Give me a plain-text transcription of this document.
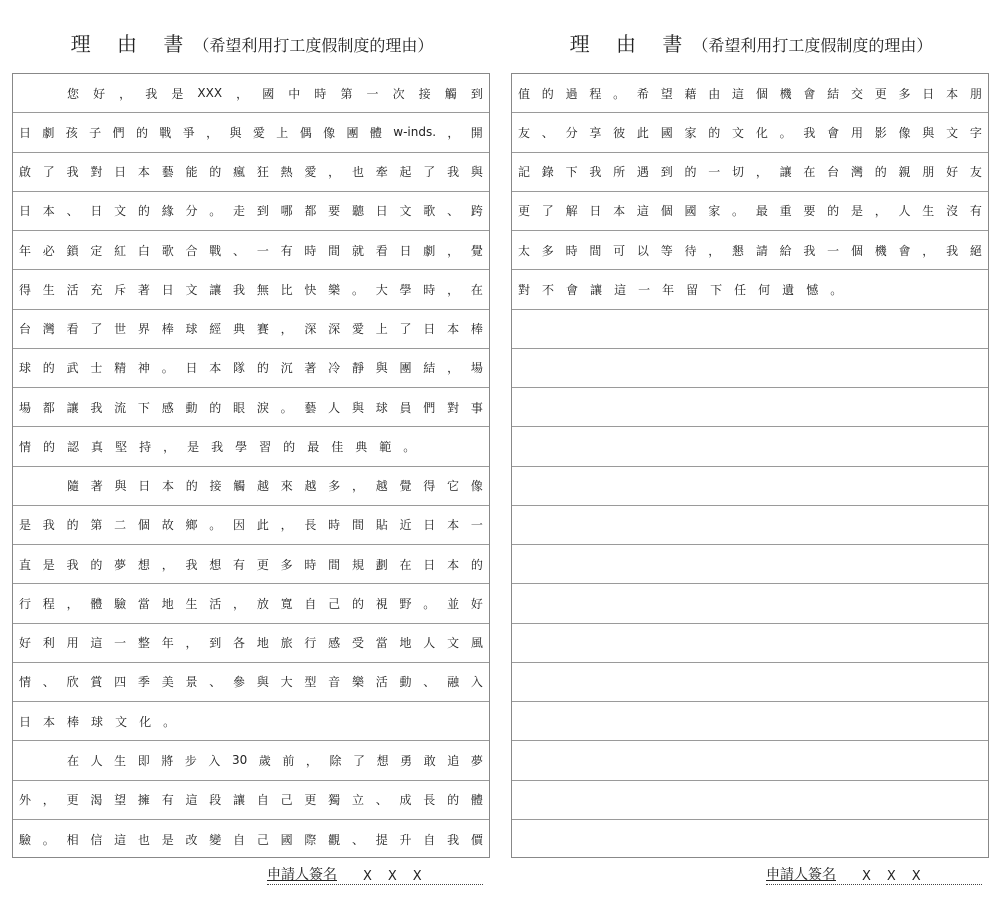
理 由 書（希望利用打工度假制度的理由）
您 好 ， 我 是 XXX ， 國 中 時 第 一 次 接 觸 到
日 劇 孩 子 們 的 戰 爭 ， 與 愛 上 偶 像 團 體 w-inds. ， 開
啟 了 我 對 日 本 藝 能 的 瘋 狂 熱 愛 ， 也 牽 起 了 我 與
日 本 、 日 文 的 緣 分 。 走 到 哪 都 要 聽 日 文 歌 、 跨
年 必 鎖 定 紅 白 歌 合 戰 、 一 有 時 間 就 看 日 劇 ， 覺
得 生 活 充 斥 著 日 文 讓 我 無 比 快 樂 。 大 學 時 ， 在
台 灣 看 了 世 界 棒 球 經 典 賽 ， 深 深 愛 上 了 日 本 棒
球 的 武 士 精 神 。 日 本 隊 的 沉 著 冷 靜 與 團 結 ， 場
場 都 讓 我 流 下 感 動 的 眼 淚 。 藝 人 與 球 員 們 對 事
情 的 認 真 堅 持 ， 是 我 學 習 的 最 佳 典 範 。
隨 著 與 日 本 的 接 觸 越 來 越 多 ， 越 覺 得 它 像
是 我 的 第 二 個 故 鄉 。 因 此 ， 長 時 間 貼 近 日 本 一
直 是 我 的 夢 想 ， 我 想 有 更 多 時 間 規 劃 在 日 本 的
行 程 ， 體 驗 當 地 生 活 ， 放 寬 自 己 的 視 野 。 並 好
好 利 用 這 一 整 年 ， 到 各 地 旅 行 感 受 當 地 人 文 風
情 、 欣 賞 四 季 美 景 、 參 與 大 型 音 樂 活 動 、 融 入
日 本 棒 球 文 化 。
在 人 生 即 將 步 入 30 歲 前 ， 除 了 想 勇 敢 追 夢
外 ， 更 渴 望 擁 有 這 段 讓 自 己 更 獨 立 、 成 長 的 體
驗 。 相 信 這 也 是 改 變 自 己 國 際 觀 、 提 升 自 我 價
申請人簽名 XXX
理 由 書（希望利用打工度假制度的理由）
值 的 過 程 。 希 望 藉 由 這 個 機 會 結 交 更 多 日 本 朋
友 、 分 享 彼 此 國 家 的 文 化 。 我 會 用 影 像 與 文 字
記 錄 下 我 所 遇 到 的 一 切 ， 讓 在 台 灣 的 親 朋 好 友
更 了 解 日 本 這 個 國 家 。 最 重 要 的 是 ， 人 生 沒 有
太 多 時 間 可 以 等 待 ， 懇 請 給 我 一 個 機 會 ， 我 絕
對 不 會 讓 這 一 年 留 下 任 何 遺 憾 。
申請人簽名 XXX
